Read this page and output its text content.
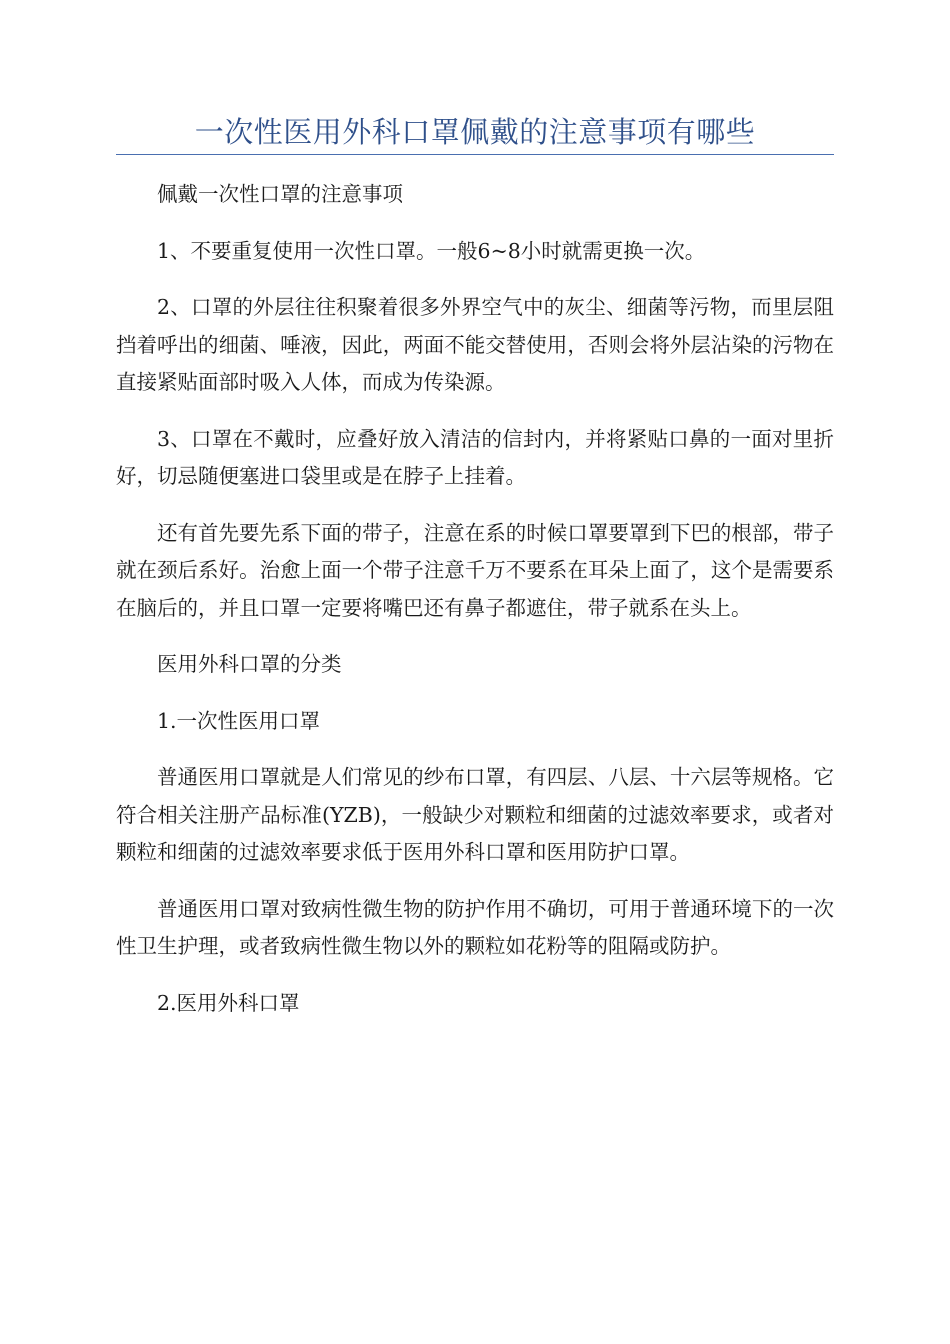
一次性医用外科口罩佩戴的注意事项有哪些

佩戴一次性口罩的注意事项

1、不要重复使用一次性口罩。一般6~8小时就需更换一次。

2、口罩的外层往往积聚着很多外界空气中的灰尘、细菌等污物，而里层阻挡着呼出的细菌、唾液，因此，两面不能交替使用，否则会将外层沾染的污物在直接紧贴面部时吸入人体，而成为传染源。

3、口罩在不戴时，应叠好放入清洁的信封内，并将紧贴口鼻的一面对里折好，切忌随便塞进口袋里或是在脖子上挂着。

还有首先要先系下面的带子，注意在系的时候口罩要罩到下巴的根部，带子就在颈后系好。治愈上面一个带子注意千万不要系在耳朵上面了，这个是需要系在脑后的，并且口罩一定要将嘴巴还有鼻子都遮住，带子就系在头上。

医用外科口罩的分类

1.一次性医用口罩

普通医用口罩就是人们常见的纱布口罩，有四层、八层、十六层等规格。它符合相关注册产品标准(YZB)，一般缺少对颗粒和细菌的过滤效率要求，或者对颗粒和细菌的过滤效率要求低于医用外科口罩和医用防护口罩。

普通医用口罩对致病性微生物的防护作用不确切，可用于普通环境下的一次性卫生护理，或者致病性微生物以外的颗粒如花粉等的阻隔或防护。

2.医用外科口罩
